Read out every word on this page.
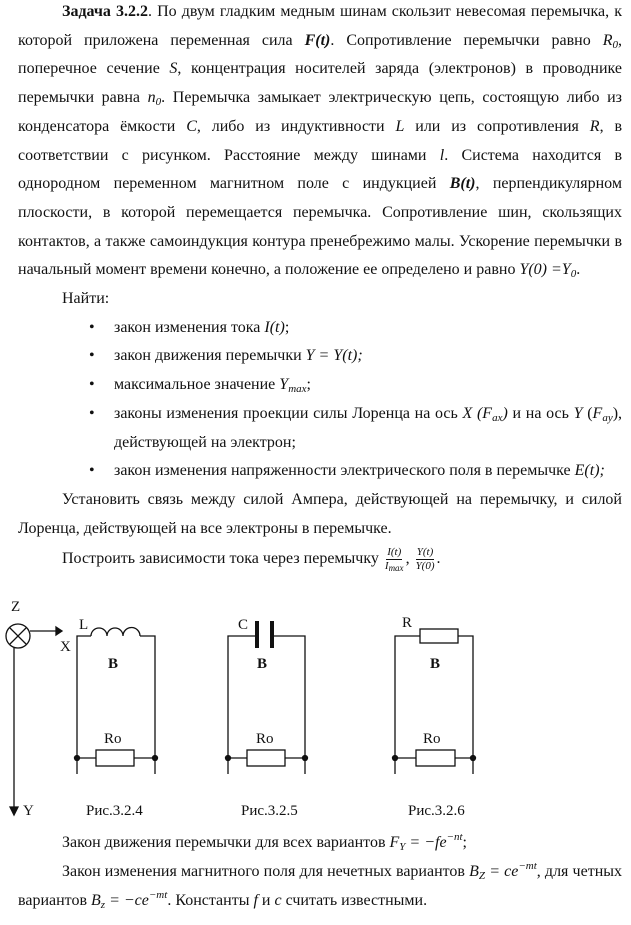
Задача 3.2.2. По двум гладким медным шинам скользит невесомая перемычка, к которой приложена переменная сила F(t). Сопротивление перемычки равно $R_0$, поперечное сечение S, концентрация носителей заряда (электронов) в проводнике перемычки равна $n_0$. Перемычка замыкает электрическую цепь, состоящую либо из конденсатора ёмкости C, либо из индуктивности L или из сопротивления R, в соответствии с рисунком. Расстояние между шинами l. Система находится в однородном переменном магнитном поле с индукцией B(t), перпендикулярном плоскости, в которой перемещается перемычка. Сопротивление шин, скользящих контактов, а также самоиндукция контура пренебрежимо малы. Ускорение перемычки в начальный момент времени конечно, а положение ее определено и равно $Y(0) =Y_0$.

Найти:

• закон изменения тока I(t);
• закон движения перемычки Y = Y(t);
• максимальное значение $Y_{max}$;
• законы изменения проекции силы Лоренца на ось X $(F_{ax})$ и на ось Y $(F_{ay})$, действующей на электрон;
• закон изменения напряженности электрического поля в перемычке E(t);

Установить связь между силой Ампера, действующей на перемычку, и силой Лоренца, действующей на все электроны в перемычке.

Построить зависимости тока через перемычку $\frac{I(t)}{I_{max}}$ , $\frac{Y(t)}{Y(0)}$ .

Z
X
Y
L
B
Ro
Рис.3.2.4
C
B
Ro
Рис.3.2.5
R
B
Ro
Рис.3.2.6

Закон движения перемычки для всех вариантов $F_Y = -fe^{-nt}$;

Закон изменения магнитного поля для нечетных вариантов $B_Z = ce^{-mt}$, для четных вариантов $B_z = -ce^{-mt}$. Константы f и c считать известными.
